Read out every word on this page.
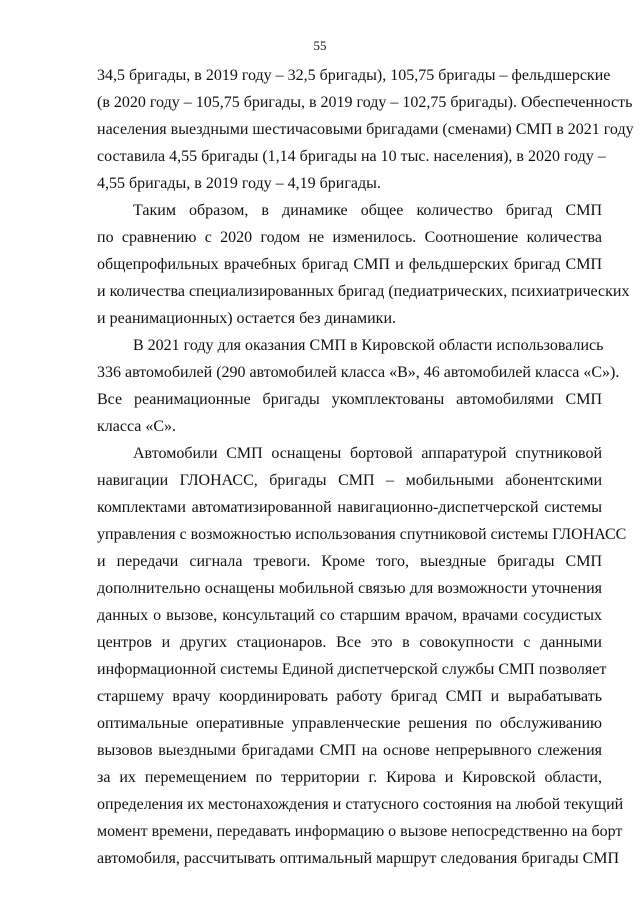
55
34,5 бригады, в 2019 году – 32,5 бригады), 105,75 бригады – фельдшерские
(в 2020 году – 105,75 бригады, в 2019 году – 102,75 бригады). Обеспеченность
населения выездными шестичасовыми бригадами (сменами) СМП в 2021 году
составила 4,55 бригады (1,14 бригады на 10 тыс. населения), в 2020 году –
4,55 бригады, в 2019 году – 4,19 бригады.
Таким образом, в динамике общее количество бригад СМП
по сравнению с 2020 годом не изменилось. Соотношение количества
общепрофильных врачебных бригад СМП и фельдшерских бригад СМП
и количества специализированных бригад (педиатрических, психиатрических
и реанимационных) остается без динамики.
В 2021 году для оказания СМП в Кировской области использовались
336 автомобилей (290 автомобилей класса «В», 46 автомобилей класса «С»).
Все реанимационные бригады укомплектованы автомобилями СМП
класса «С».
Автомобили СМП оснащены бортовой аппаратурой спутниковой
навигации ГЛОНАСС, бригады СМП – мобильными абонентскими
комплектами автоматизированной навигационно-диспетчерской системы
управления с возможностью использования спутниковой системы ГЛОНАСС
и передачи сигнала тревоги. Кроме того, выездные бригады СМП
дополнительно оснащены мобильной связью для возможности уточнения
данных о вызове, консультаций со старшим врачом, врачами сосудистых
центров и других стационаров. Все это в совокупности с данными
информационной системы Единой диспетчерской службы СМП позволяет
старшему врачу координировать работу бригад СМП и вырабатывать
оптимальные оперативные управленческие решения по обслуживанию
вызовов выездными бригадами СМП на основе непрерывного слежения
за их перемещением по территории г. Кирова и Кировской области,
определения их местонахождения и статусного состояния на любой текущий
момент времени, передавать информацию о вызове непосредственно на борт
автомобиля, рассчитывать оптимальный маршрут следования бригады СМП
